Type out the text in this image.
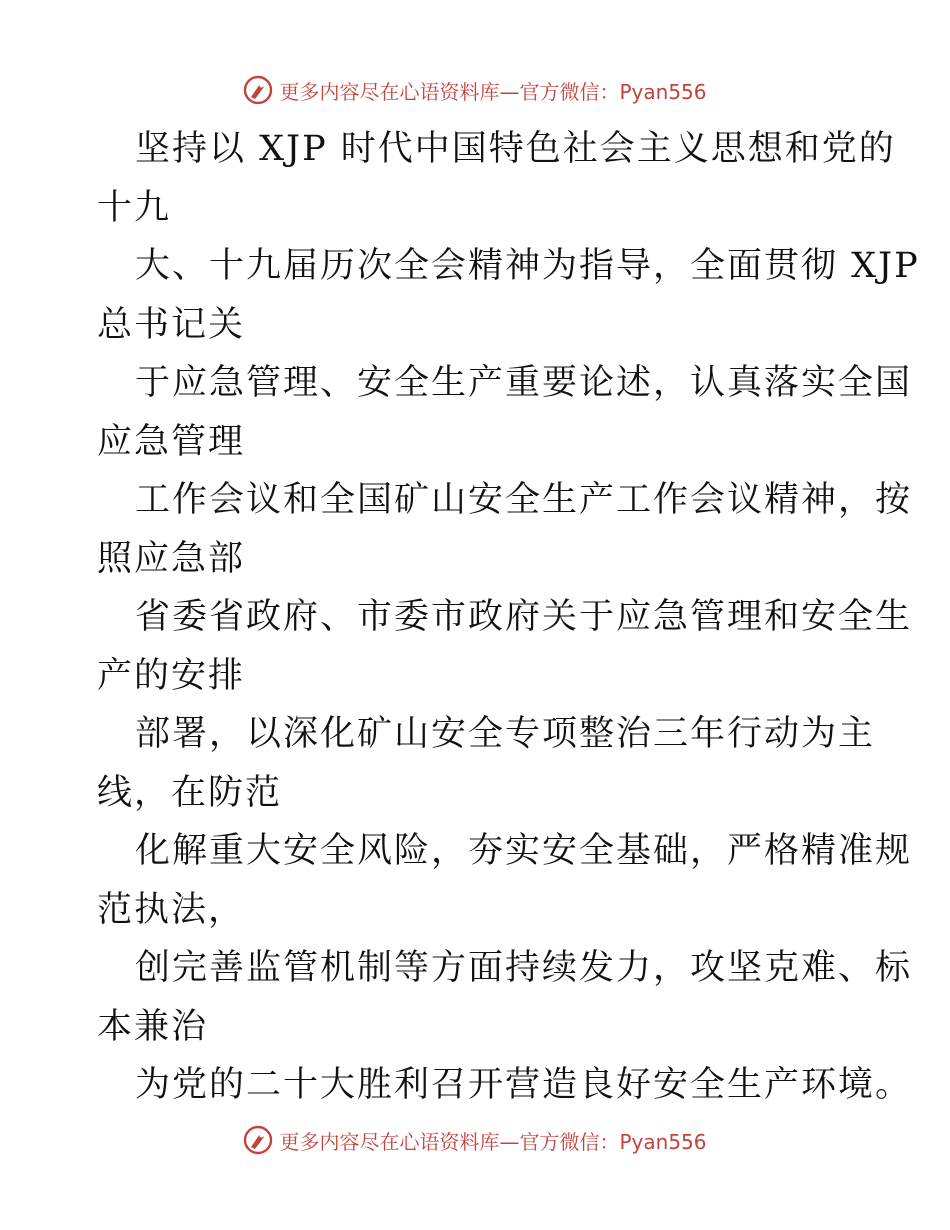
更多内容尽在心语资料库—官方微信：Pyan556

坚持以 XJP 时代中国特色社会主义思想和党的

十九

大、十九届历次全会精神为指导，全面贯彻 XJP

总书记关

于应急管理、安全生产重要论述，认真落实全国

应急管理

工作会议和全国矿山安全生产工作会议精神，按

照应急部

省委省政府、市委市政府关于应急管理和安全生

产的安排

部署，以深化矿山安全专项整治三年行动为主

线，在防范

化解重大安全风险，夯实安全基础，严格精准规

范执法，

创完善监管机制等方面持续发力，攻坚克难、标

本兼治

为党的二十大胜利召开营造良好安全生产环境。

更多内容尽在心语资料库—官方微信：Pyan556
